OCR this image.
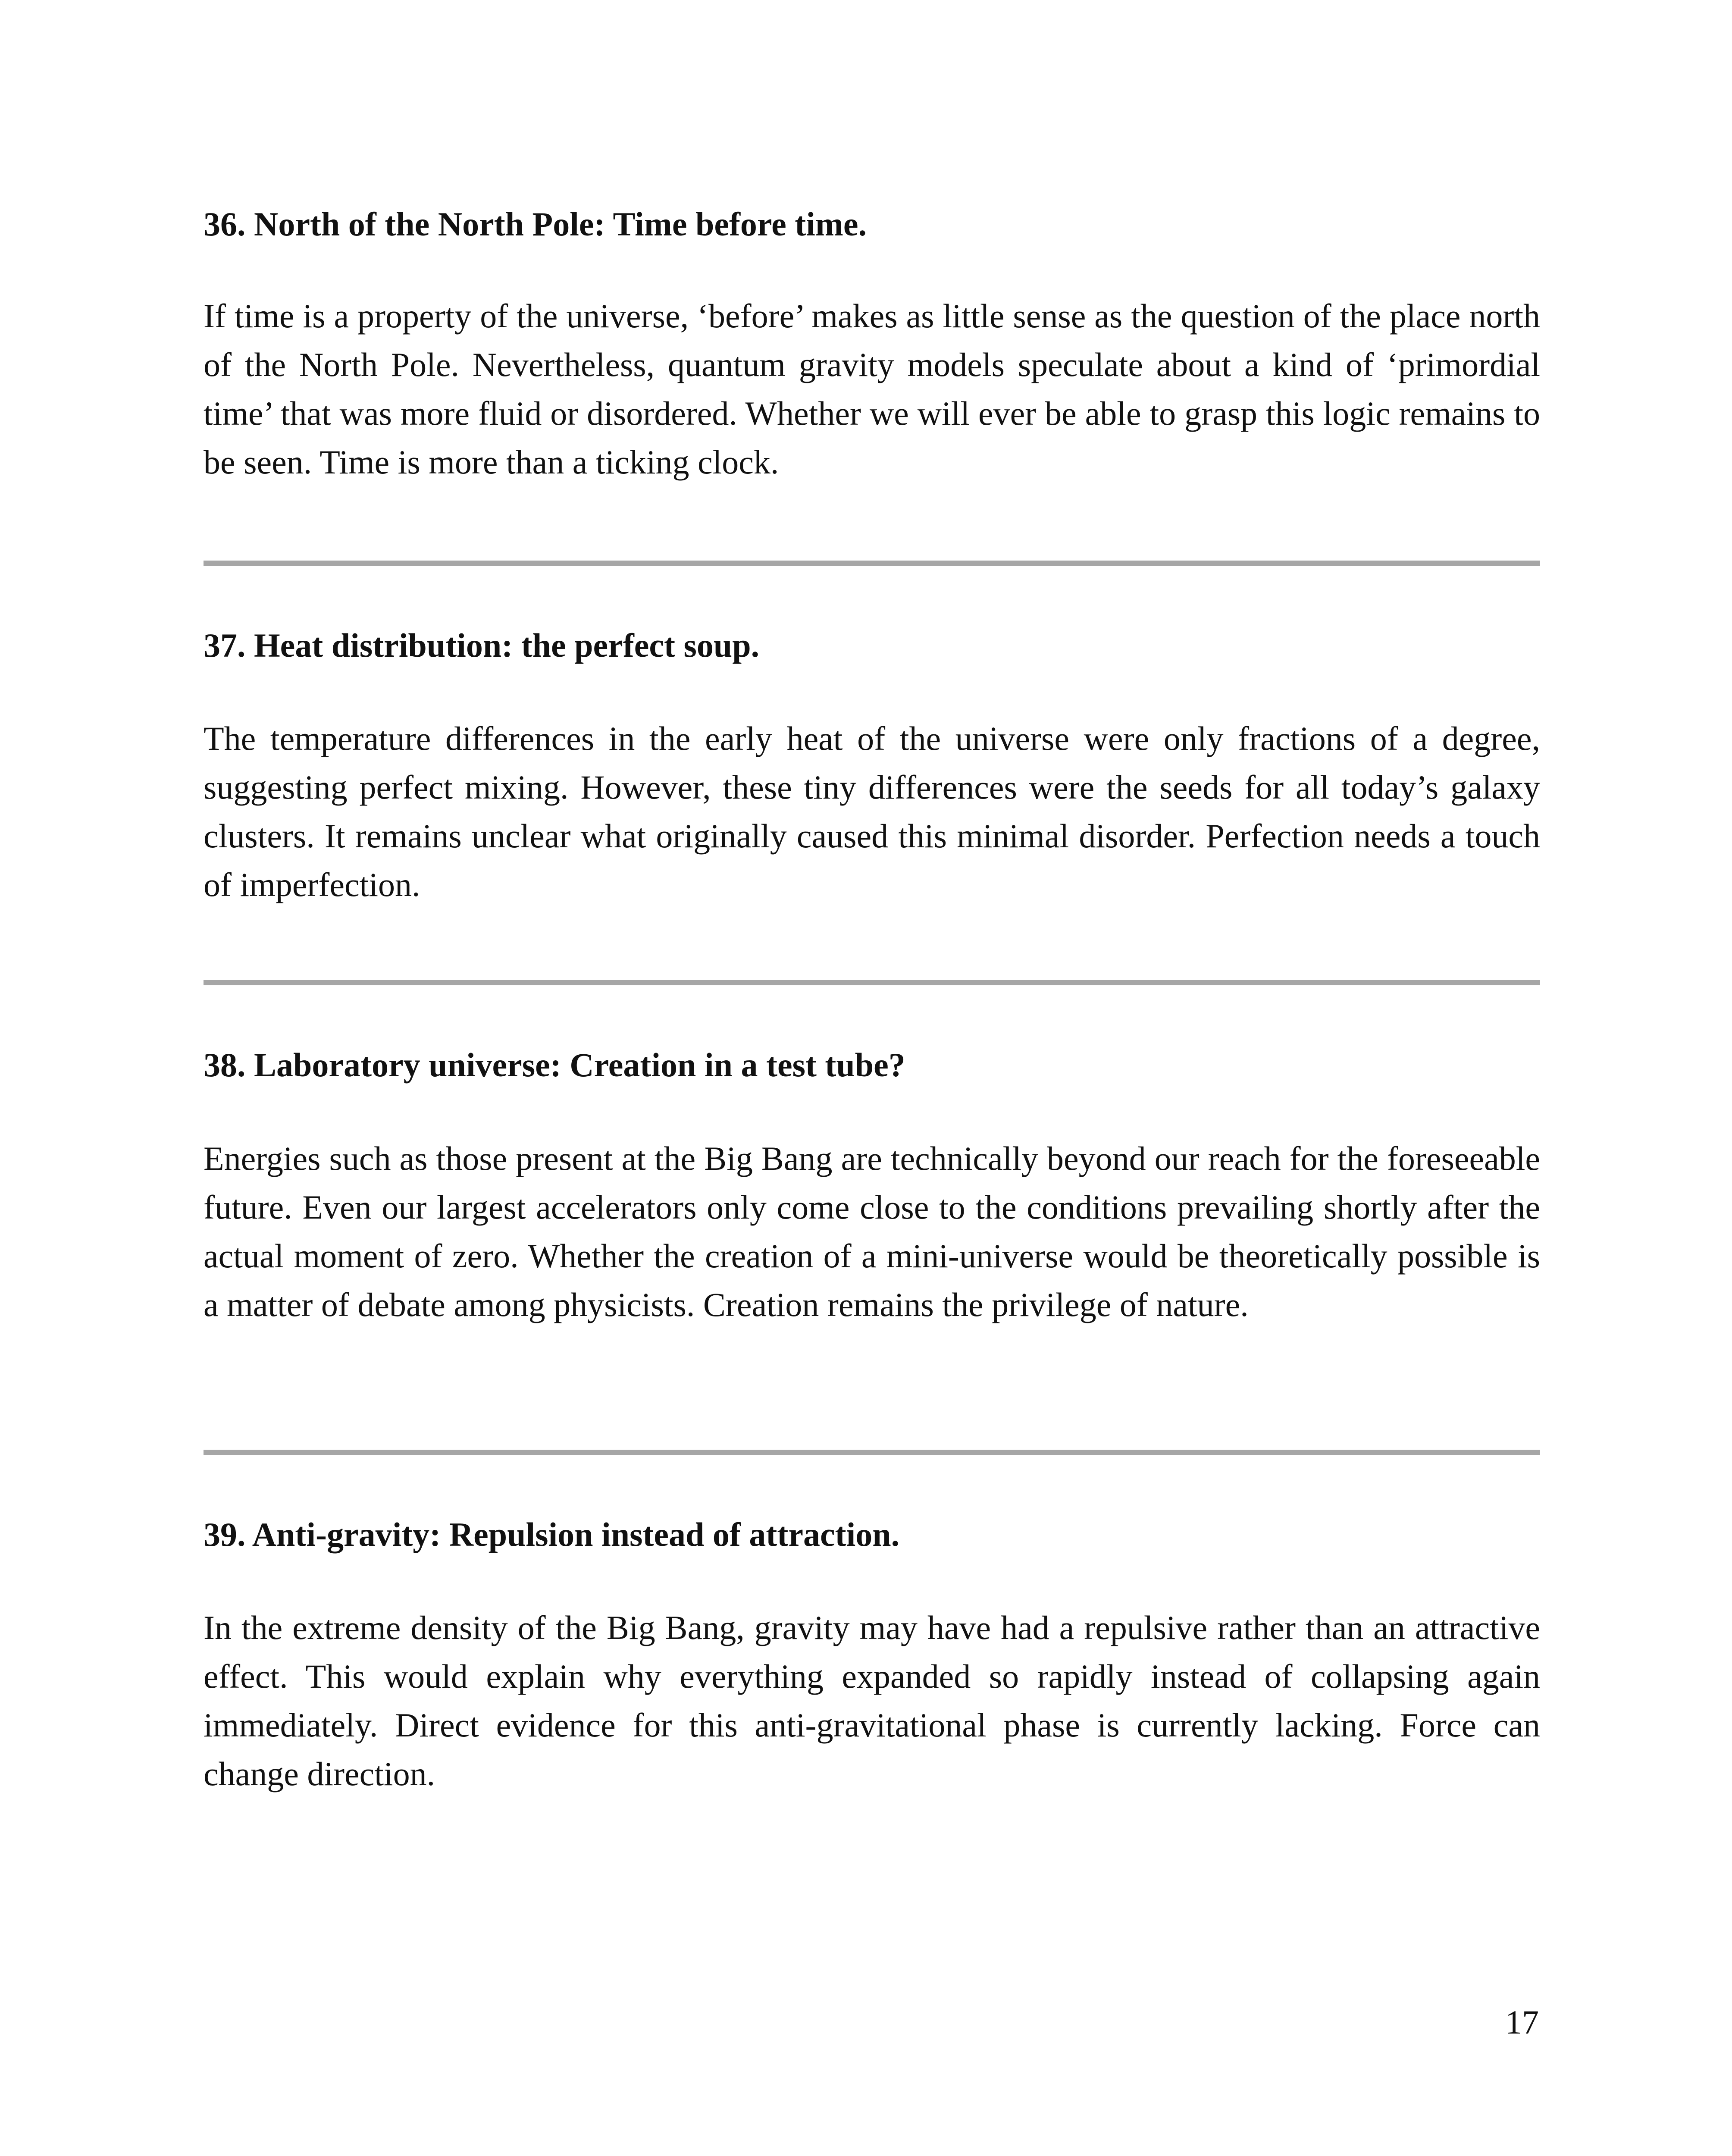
36. North of the North Pole: Time before time.

If time is a property of the universe, ‘before’ makes as little sense as the question of the place north of the North Pole. Nevertheless, quantum gravity models speculate about a kind of ‘primordial time’ that was more fluid or disordered. Whether we will ever be able to grasp this logic remains to be seen. Time is more than a ticking clock.

37. Heat distribution: the perfect soup.

The temperature differences in the early heat of the universe were only fractions of a degree, suggesting perfect mixing. However, these tiny differences were the seeds for all today’s galaxy clusters. It remains unclear what originally caused this minimal disorder. Perfection needs a touch of imperfection.

38. Laboratory universe: Creation in a test tube?

Energies such as those present at the Big Bang are technically beyond our reach for the foreseeable future. Even our largest accelerators only come close to the conditions prevailing shortly after the actual moment of zero. Whether the creation of a mini-universe would be theoretically possible is a matter of debate among physicists. Creation remains the privilege of nature.

39. Anti-gravity: Repulsion instead of attraction.

In the extreme density of the Big Bang, gravity may have had a repulsive rather than an attractive effect. This would explain why everything expanded so rapidly instead of collapsing again immediately. Direct evidence for this anti-gravitational phase is currently lacking. Force can change direction.

17
